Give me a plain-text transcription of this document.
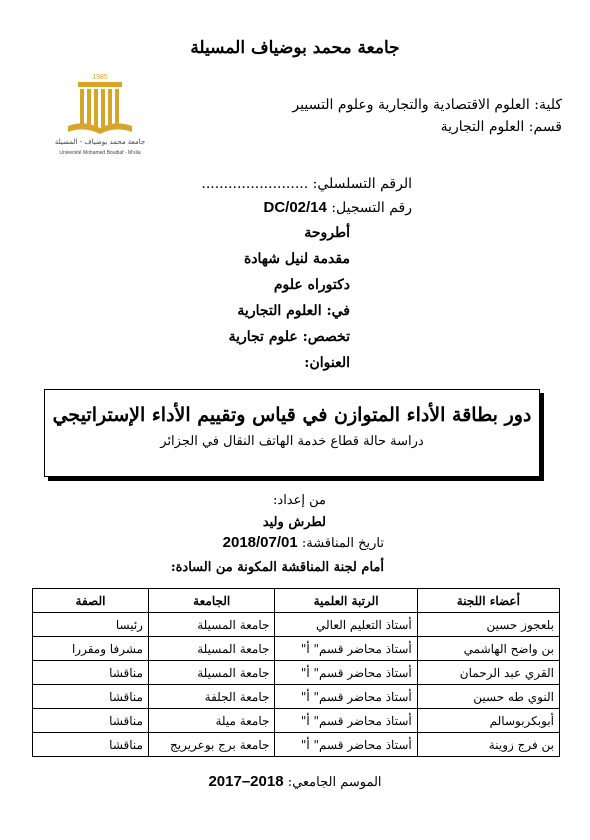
جامعة محمد بوضياف المسيلة
1985
جامعة محمد بوضياف - المسيلة
Université Mohamed Boudiaf - M'sila
كلية: العلوم الاقتصادية والتجارية وعلوم التسيير
قسم: العلوم التجارية
الرقم التسلسلي: ........................
رقم التسجيل: DC/02/14
أطروحة
مقدمة لنيل شهادة
دكتوراه علوم
في: العلوم التجارية
تخصص: علوم تجارية
العنوان:
دور بطاقة الأداء المتوازن في قياس وتقييم الأداء الإستراتيجي
دراسة حالة قطاع خدمة الهاتف النقال في الجزائر
من إعداد:
لطرش وليد
تاريخ المناقشة: 2018/07/01
أمام لجنة المناقشة المكونة من السادة:
أعضاء اللجنة	الرتبة العلمية	الجامعة	الصفة
بلعجوز حسين	أستاذ التعليم العالي	جامعة المسيلة	رئيسا
بن واضح الهاشمي	أستاذ محاضر قسم" أ"	جامعة المسيلة	مشرفا ومقررا
القري عبد الرحمان	أستاذ محاضر قسم" أ"	جامعة المسيلة	مناقشا
النوي طه حسين	أستاذ محاضر قسم" أ"	جامعة الجلفة	مناقشا
أبوبكربوسالم	أستاذ محاضر قسم" أ"	جامعة ميلة	مناقشا
بن فرج زوينة	أستاذ محاضر قسم" أ"	جامعة برج بوعريريج	مناقشا
الموسم الجامعي: 2018–2017
